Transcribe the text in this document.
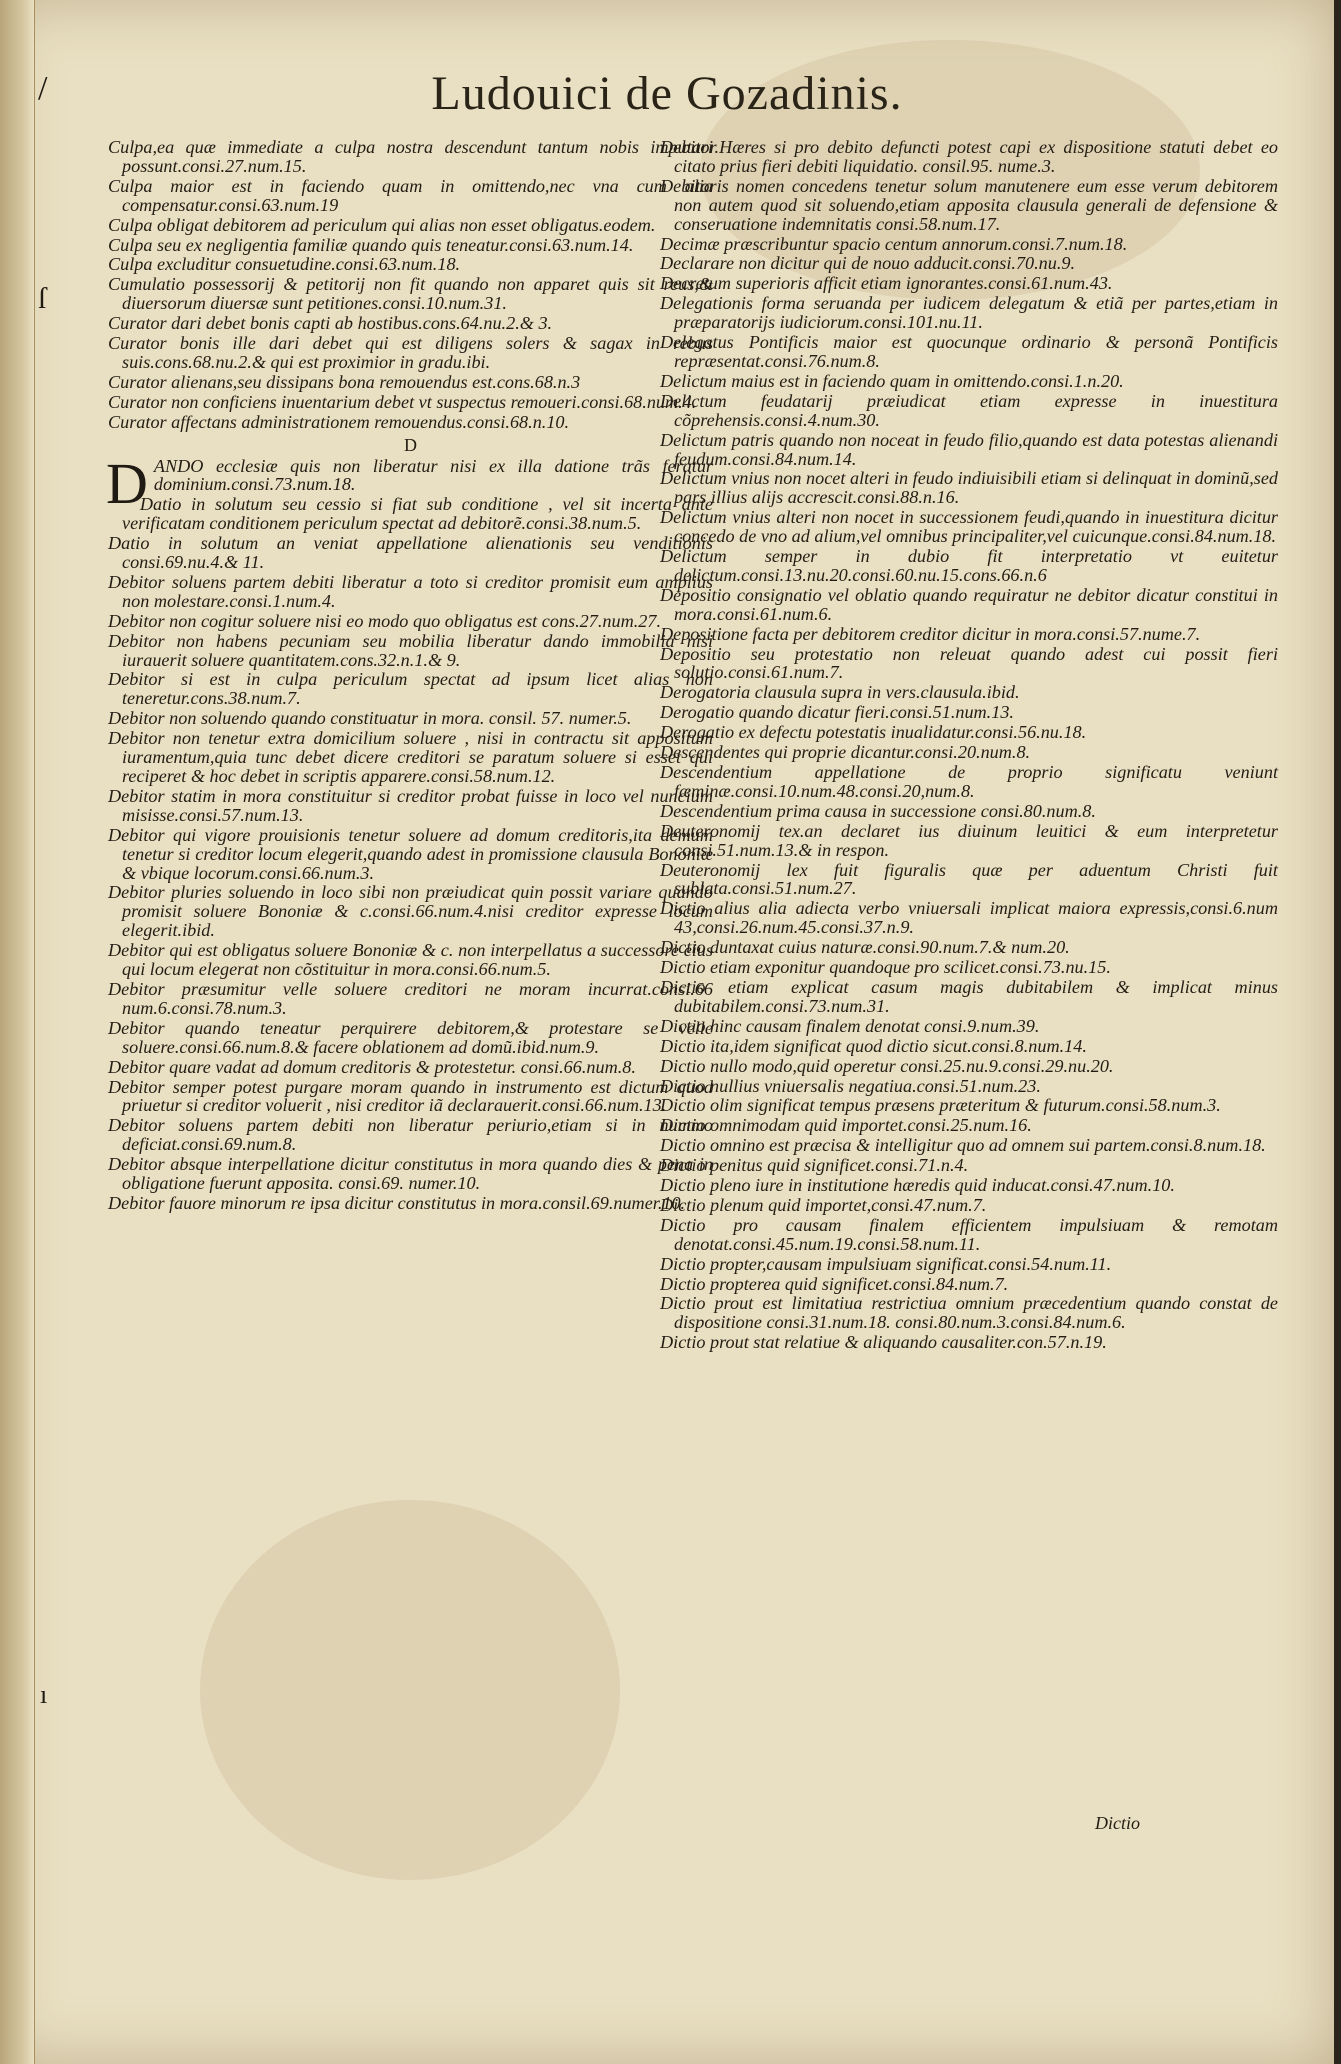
/
ſ
ı
Ludouici de Gozadinis.
Culpa,ea quæ immediate a culpa nostra descendunt tantum nobis imputari possunt.consi.27.num.15.
Culpa maior est in faciendo quam in omittendo,nec vna cum alia compensatur.consi.63.num.19
Culpa obligat debitorem ad periculum qui alias non esset obligatus.eodem.
Culpa seu ex negligentia familiæ quando quis teneatur.consi.63.num.14.
Culpa excluditur consuetudine.consi.63.num.18.
Cumulatio possessorij & petitorij non fit quando non apparet quis sit reus,& diuersorum diuersæ sunt petitiones.consi.10.num.31.
Curator dari debet bonis capti ab hostibus.cons.64.nu.2.& 3.
Curator bonis ille dari debet qui est diligens solers & sagax in rebus suis.cons.68.nu.2.& qui est proximior in gradu.ibi.
Curator alienans,seu dissipans bona remouendus est.cons.68.n.3
Curator non conficiens inuentarium debet vt suspectus remoueri.consi.68.num.4.
Curator affectans administrationem remouendus.consi.68.n.10.
D
DANDO ecclesiæ quis non liberatur nisi ex illa datione trãs feratur dominium.consi.73.num.18.
Datio in solutum seu cessio si fiat sub conditione , vel sit incerta ante verificatam conditionem periculum spectat ad debitorẽ.consi.38.num.5.
Datio in solutum an veniat appellatione alienationis seu venditionis consi.69.nu.4.& 11.
Debitor soluens partem debiti liberatur a toto si creditor promisit eum amplius non molestare.consi.1.num.4.
Debitor non cogitur soluere nisi eo modo quo obligatus est cons.27.num.27.
Debitor non habens pecuniam seu mobilia liberatur dando immobilia nisi iurauerit soluere quantitatem.cons.32.n.1.& 9.
Debitor si est in culpa periculum spectat ad ipsum licet alias non teneretur.cons.38.num.7.
Debitor non soluendo quando constituatur in mora. consil. 57. numer.5.
Debitor non tenetur extra domicilium soluere , nisi in contractu sit appositum iuramentum,quia tunc debet dicere creditori se paratum soluere si esset qui reciperet & hoc debet in scriptis apparere.consi.58.num.12.
Debitor statim in mora constituitur si creditor probat fuisse in loco vel nuncium misisse.consi.57.num.13.
Debitor qui vigore prouisionis tenetur soluere ad domum creditoris,ita demum tenetur si creditor locum elegerit,quando adest in promissione clausula Bononiæ & vbique locorum.consi.66.num.3.
Debitor pluries soluendo in loco sibi non præiudicat quin possit variare quando promisit soluere Bononiæ & c.consi.66.num.4.nisi creditor expresse locum elegerit.ibid.
Debitor qui est obligatus soluere Bononiæ & c. non interpellatus a successore eius qui locum elegerat non cõstituitur in mora.consi.66.num.5.
Debitor præsumitur velle soluere creditori ne moram incurrat.consi.66 num.6.consi.78.num.3.
Debitor quando teneatur perquirere debitorem,& protestare se velle soluere.consi.66.num.8.& facere oblationem ad domũ.ibid.num.9.
Debitor quare vadat ad domum creditoris & protestetur. consi.66.num.8.
Debitor semper potest purgare moram quando in instrumento est dictum quod priuetur si creditor voluerit , nisi creditor iã declarauerit.consi.66.num.13.
Debitor soluens partem debiti non liberatur periurio,etiam si in nummo deficiat.consi.69.num.8.
Debitor absque interpellatione dicitur constitutus in mora quando dies & pena in obligatione fuerunt apposita. consi.69. numer.10.
Debitor fauore minorum re ipsa dicitur constitutus in mora.consil.69.numer.10.
Debitor.Hæres si pro debito defuncti potest capi ex dispositione statuti debet eo citato prius fieri debiti liquidatio. consil.95. nume.3.
Debitoris nomen concedens tenetur solum manutenere eum esse verum debitorem non autem quod sit soluendo,etiam apposita clausula generali de defensione & conseruatione indemnitatis consi.58.num.17.
Decimæ præscribuntur spacio centum annorum.consi.7.num.18.
Declarare non dicitur qui de nouo adducit.consi.70.nu.9.
Decretum superioris afficit etiam ignorantes.consi.61.num.43.
Delegationis forma seruanda per iudicem delegatum & etiã per partes,etiam in præparatorijs iudiciorum.consi.101.nu.11.
Delegatus Pontificis maior est quocunque ordinario & personã Pontificis repræsentat.consi.76.num.8.
Delictum maius est in faciendo quam in omittendo.consi.1.n.20.
Delictum feudatarij præiudicat etiam expresse in inuestitura cõprehensis.consi.4.num.30.
Delictum patris quando non noceat in feudo filio,quando est data potestas alienandi feudum.consi.84.num.14.
Delictum vnius non nocet alteri in feudo indiuisibili etiam si delinquat in dominũ,sed pars illius alijs accrescit.consi.88.n.16.
Delictum vnius alteri non nocet in successionem feudi,quando in inuestitura dicitur concedo de vno ad alium,vel omnibus principaliter,vel cuicunque.consi.84.num.18.
Delictum semper in dubio fit interpretatio vt euitetur delictum.consi.13.nu.20.consi.60.nu.15.cons.66.n.6
Depositio consignatio vel oblatio quando requiratur ne debitor dicatur constitui in mora.consi.61.num.6.
Depositione facta per debitorem creditor dicitur in mora.consi.57.nume.7.
Depositio seu protestatio non releuat quando adest cui possit fieri solutio.consi.61.num.7.
Derogatoria clausula supra in vers.clausula.ibid.
Derogatio quando dicatur fieri.consi.51.num.13.
Derogatio ex defectu potestatis inualidatur.consi.56.nu.18.
Descendentes qui proprie dicantur.consi.20.num.8.
Descendentium appellatione de proprio significatu veniunt fæminæ.consi.10.num.48.consi.20,num.8.
Descendentium prima causa in successione consi.80.num.8.
Deuteronomij tex.an declaret ius diuinum leuitici & eum interpretetur consi.51.num.13.& in respon.
Deuteronomij lex fuit figuralis quæ per aduentum Christi fuit sublata.consi.51.num.27.
Dictio alius alia adiecta verbo vniuersali implicat maiora expressis,consi.6.num 43,consi.26.num.45.consi.37.n.9.
Dictio duntaxat cuius naturæ.consi.90.num.7.& num.20.
Dictio etiam exponitur quandoque pro scilicet.consi.73.nu.15.
Dictio etiam explicat casum magis dubitabilem & implicat minus dubitabilem.consi.73.num.31.
Dictio hinc causam finalem denotat consi.9.num.39.
Dictio ita,idem significat quod dictio sicut.consi.8.num.14.
Dictio nullo modo,quid operetur consi.25.nu.9.consi.29.nu.20.
Dictio nullius vniuersalis negatiua.consi.51.num.23.
Dictio olim significat tempus præsens præteritum & futurum.consi.58.num.3.
Dictio omnimodam quid importet.consi.25.num.16.
Dictio omnino est præcisa & intelligitur quo ad omnem sui partem.consi.8.num.18.
Dictio penitus quid significet.consi.71.n.4.
Dictio pleno iure in institutione hæredis quid inducat.consi.47.num.10.
Dictio plenum quid importet,consi.47.num.7.
Dictio pro causam finalem efficientem impulsiuam & remotam denotat.consi.45.num.19.consi.58.num.11.
Dictio propter,causam impulsiuam significat.consi.54.num.11.
Dictio propterea quid significet.consi.84.num.7.
Dictio prout est limitatiua restrictiua omnium præcedentium quando constat de dispositione consi.31.num.18. consi.80.num.3.consi.84.num.6.
Dictio prout stat relatiue & aliquando causaliter.con.57.n.19.
Dictio
